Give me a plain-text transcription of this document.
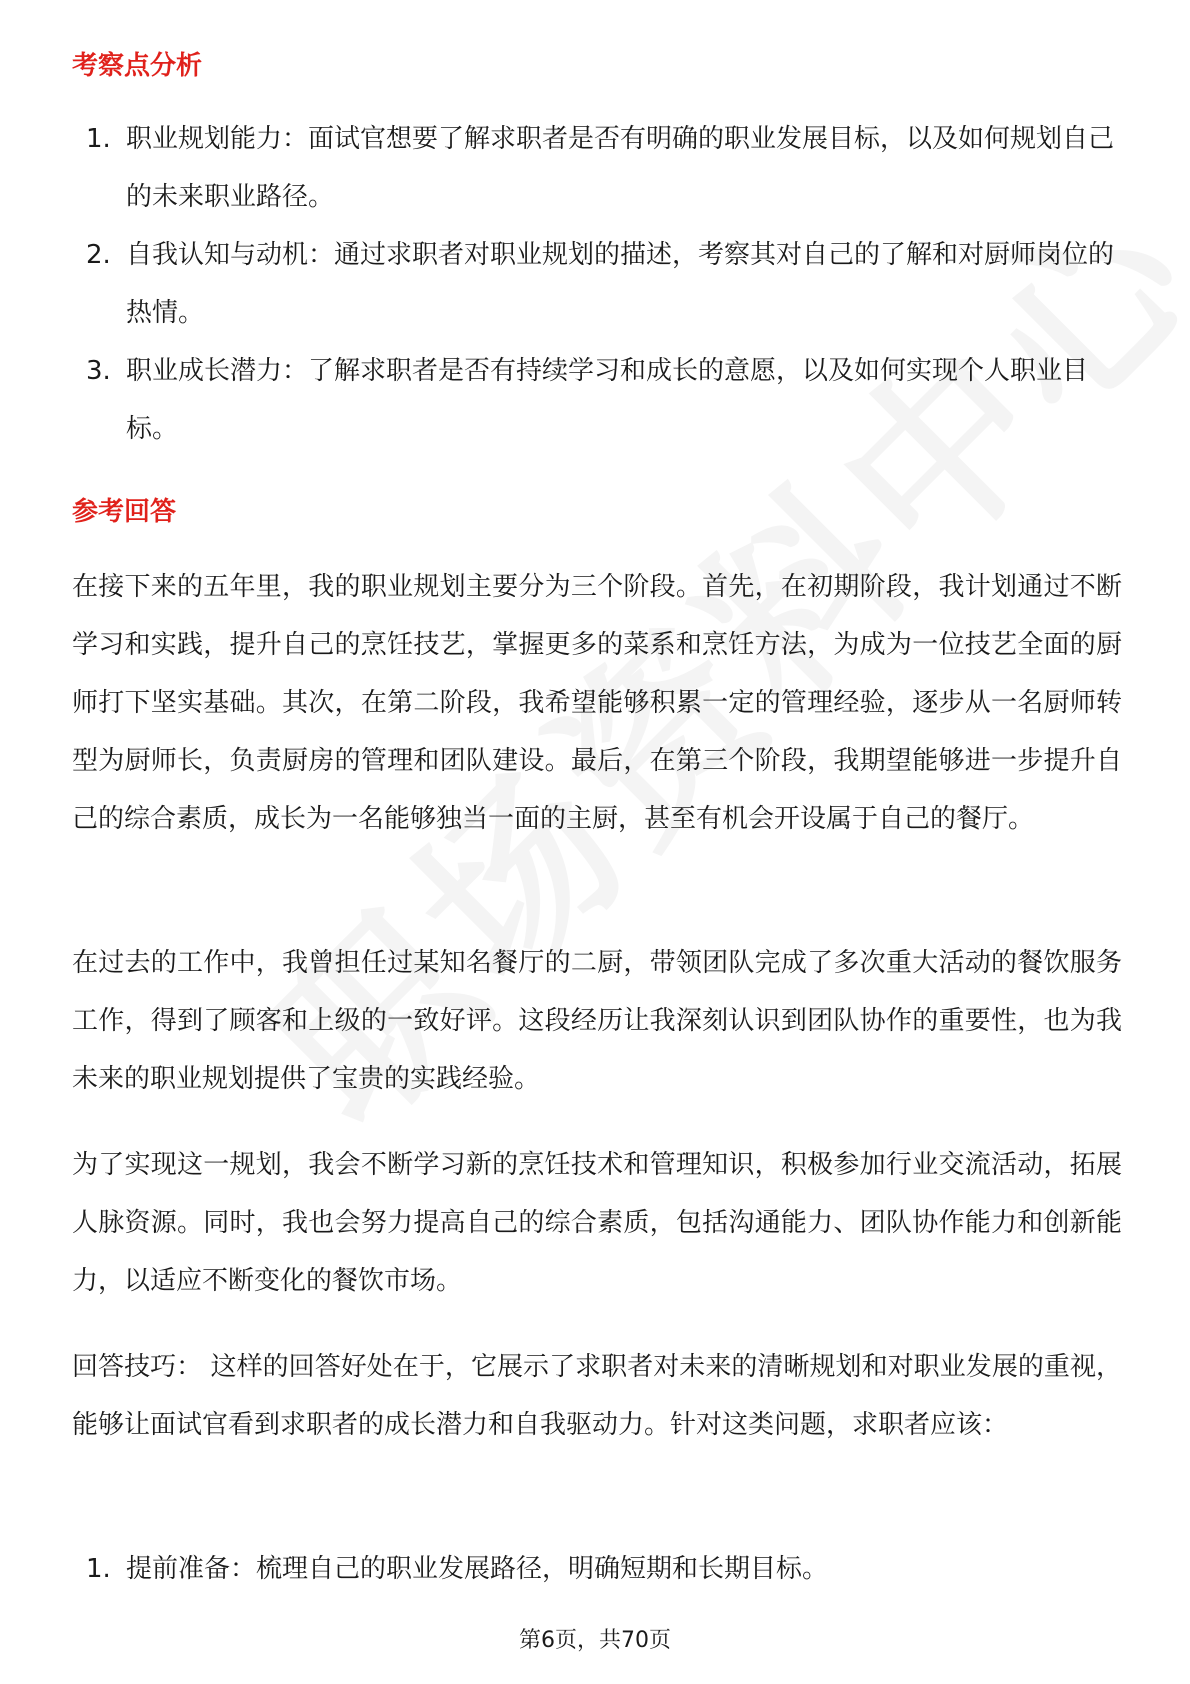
考察点分析
1. 职业规划能力：面试官想要了解求职者是否有明确的职业发展目标，以及如何规划自己的未来职业路径。
2. 自我认知与动机：通过求职者对职业规划的描述，考察其对自己的了解和对厨师岗位的热情。
3. 职业成长潜力：了解求职者是否有持续学习和成长的意愿，以及如何实现个人职业目标。
参考回答

在接下来的五年里，我的职业规划主要分为三个阶段。首先，在初期阶段，我计划通过不断学习和实践，提升自己的烹饪技艺，掌握更多的菜系和烹饪方法，为成为一位技艺全面的厨师打下坚实基础。其次，在第二阶段，我希望能够积累一定的管理经验，逐步从一名厨师转型为厨师长，负责厨房的管理和团队建设。最后，在第三个阶段，我期望能够进一步提升自己的综合素质，成长为一名能够独当一面的主厨，甚至有机会开设属于自己的餐厅。

在过去的工作中，我曾担任过某知名餐厅的二厨，带领团队完成了多次重大活动的餐饮服务工作，得到了顾客和上级的一致好评。这段经历让我深刻认识到团队协作的重要性，也为我未来的职业规划提供了宝贵的实践经验。

为了实现这一规划，我会不断学习新的烹饪技术和管理知识，积极参加行业交流活动，拓展人脉资源。同时，我也会努力提高自己的综合素质，包括沟通能力、团队协作能力和创新能力，以适应不断变化的餐饮市场。

回答技巧： 这样的回答好处在于，它展示了求职者对未来的清晰规划和对职业发展的重视，能够让面试官看到求职者的成长潜力和自我驱动力。针对这类问题，求职者应该：

1. 提前准备：梳理自己的职业发展路径，明确短期和长期目标。
第6页，共70页
